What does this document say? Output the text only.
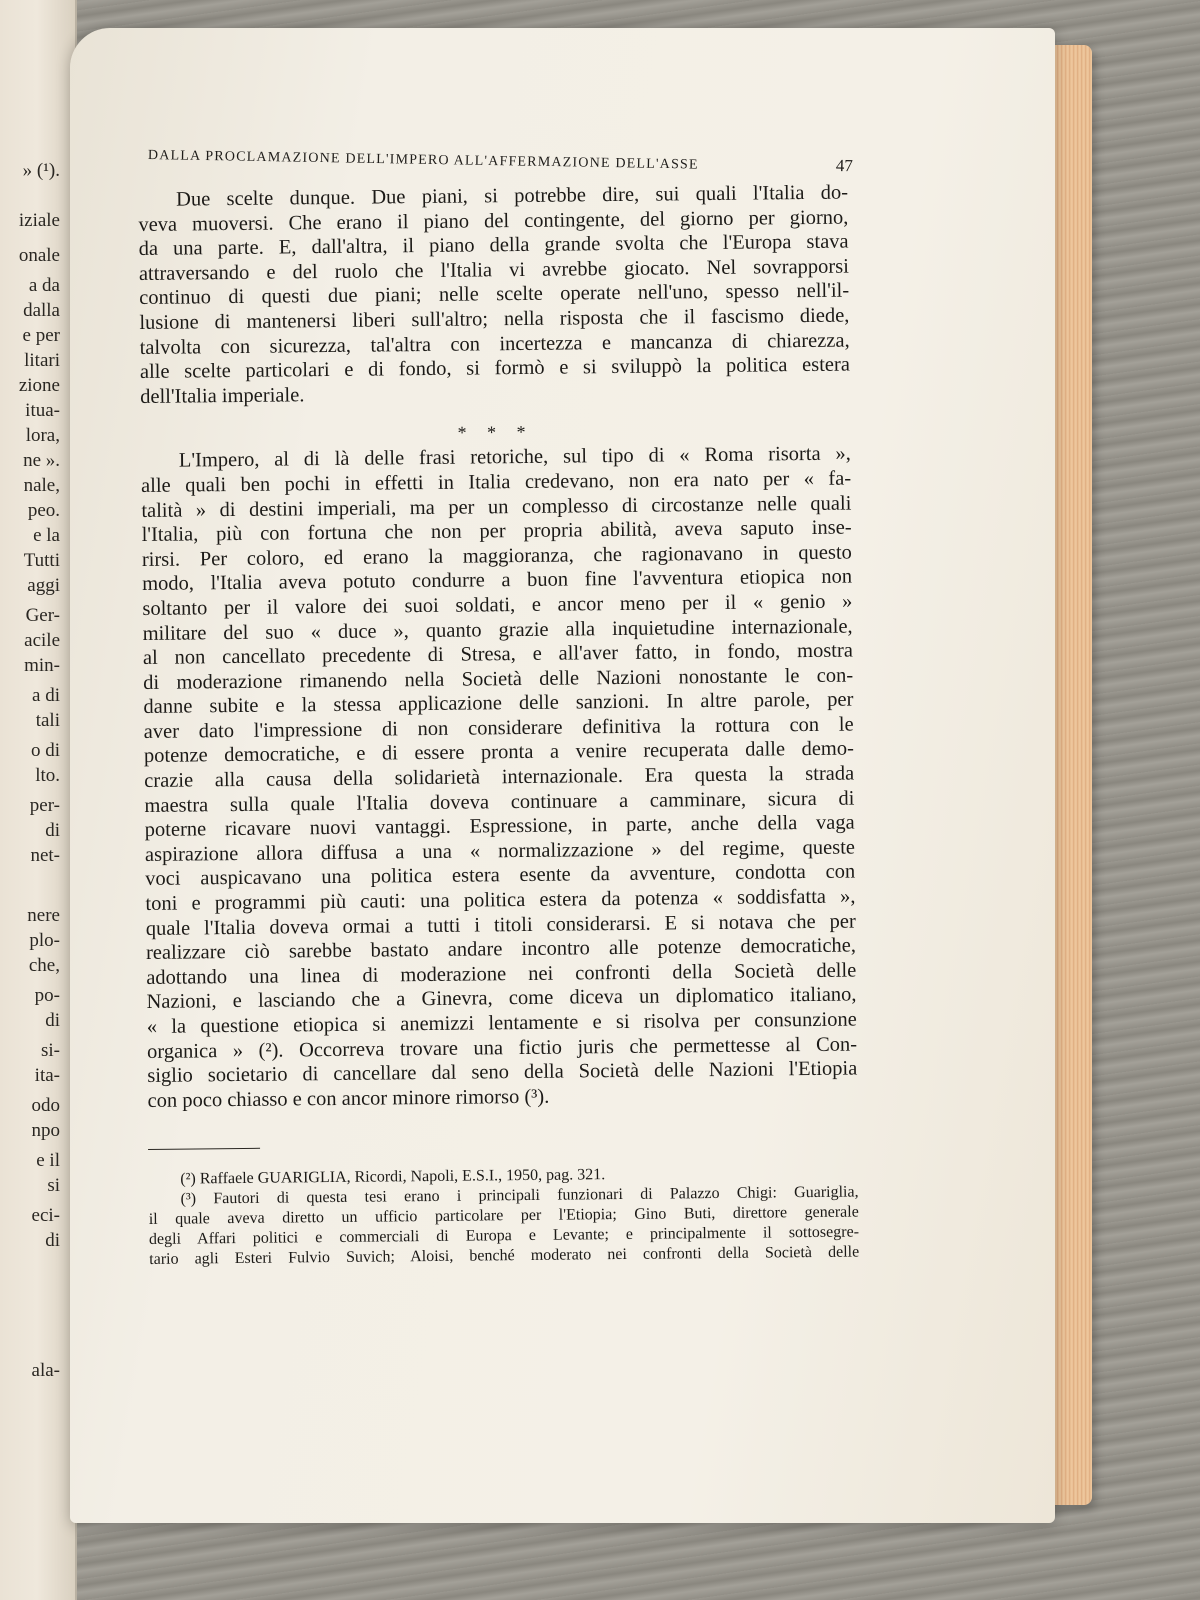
» (¹).
iziale
onale
a da
dalla
e per
litari
zione
itua-
lora,
ne ».
nale,
peo.
e la
Tutti
aggi
Ger-
acile
min-
a di
tali
o di
lto.
per-
di
net-
nere
plo-
che,
po-
di
si-
ita-
odo
npo
e il
si
eci-
di
ala-
DALLA PROCLAMAZIONE DELL'IMPERO ALL'AFFERMAZIONE DELL'ASSE	47
Due scelte dunque. Due piani, si potrebbe dire, sui quali l'Italia do-
veva muoversi. Che erano il piano del contingente, del giorno per giorno,
da una parte. E, dall'altra, il piano della grande svolta che l'Europa stava
attraversando e del ruolo che l'Italia vi avrebbe giocato. Nel sovrapporsi
continuo di questi due piani; nelle scelte operate nell'uno, spesso nell'il-
lusione di mantenersi liberi sull'altro; nella risposta che il fascismo diede,
talvolta con sicurezza, tal'altra con incertezza e mancanza di chiarezza,
alle scelte particolari e di fondo, si formò e si sviluppò la politica estera
dell'Italia imperiale.
* * *
L'Impero, al di là delle frasi retoriche, sul tipo di « Roma risorta »,
alle quali ben pochi in effetti in Italia credevano, non era nato per « fa-
talità » di destini imperiali, ma per un complesso di circostanze nelle quali
l'Italia, più con fortuna che non per propria abilità, aveva saputo inse-
rirsi. Per coloro, ed erano la maggioranza, che ragionavano in questo
modo, l'Italia aveva potuto condurre a buon fine l'avventura etiopica non
soltanto per il valore dei suoi soldati, e ancor meno per il « genio »
militare del suo « duce », quanto grazie alla inquietudine internazionale,
al non cancellato precedente di Stresa, e all'aver fatto, in fondo, mostra
di moderazione rimanendo nella Società delle Nazioni nonostante le con-
danne subite e la stessa applicazione delle sanzioni. In altre parole, per
aver dato l'impressione di non considerare definitiva la rottura con le
potenze democratiche, e di essere pronta a venire recuperata dalle demo-
crazie alla causa della solidarietà internazionale. Era questa la strada
maestra sulla quale l'Italia doveva continuare a camminare, sicura di
poterne ricavare nuovi vantaggi. Espressione, in parte, anche della vaga
aspirazione allora diffusa a una « normalizzazione » del regime, queste
voci auspicavano una politica estera esente da avventure, condotta con
toni e programmi più cauti: una politica estera da potenza « soddisfatta »,
quale l'Italia doveva ormai a tutti i titoli considerarsi. E si notava che per
realizzare ciò sarebbe bastato andare incontro alle potenze democratiche,
adottando una linea di moderazione nei confronti della Società delle
Nazioni, e lasciando che a Ginevra, come diceva un diplomatico italiano,
« la questione etiopica si anemizzi lentamente e si risolva per consunzione
organica » (²). Occorreva trovare una fictio juris che permettesse al Con-
siglio societario di cancellare dal seno della Società delle Nazioni l'Etiopia
con poco chiasso e con ancor minore rimorso (³).
(²) Raffaele GUARIGLIA, Ricordi, Napoli, E.S.I., 1950, pag. 321.
(³) Fautori di questa tesi erano i principali funzionari di Palazzo Chigi: Guariglia,
il quale aveva diretto un ufficio particolare per l'Etiopia; Gino Buti, direttore generale
degli Affari politici e commerciali di Europa e Levante; e principalmente il sottosegre-
tario agli Esteri Fulvio Suvich; Aloisi, benché moderato nei confronti della Società delle
